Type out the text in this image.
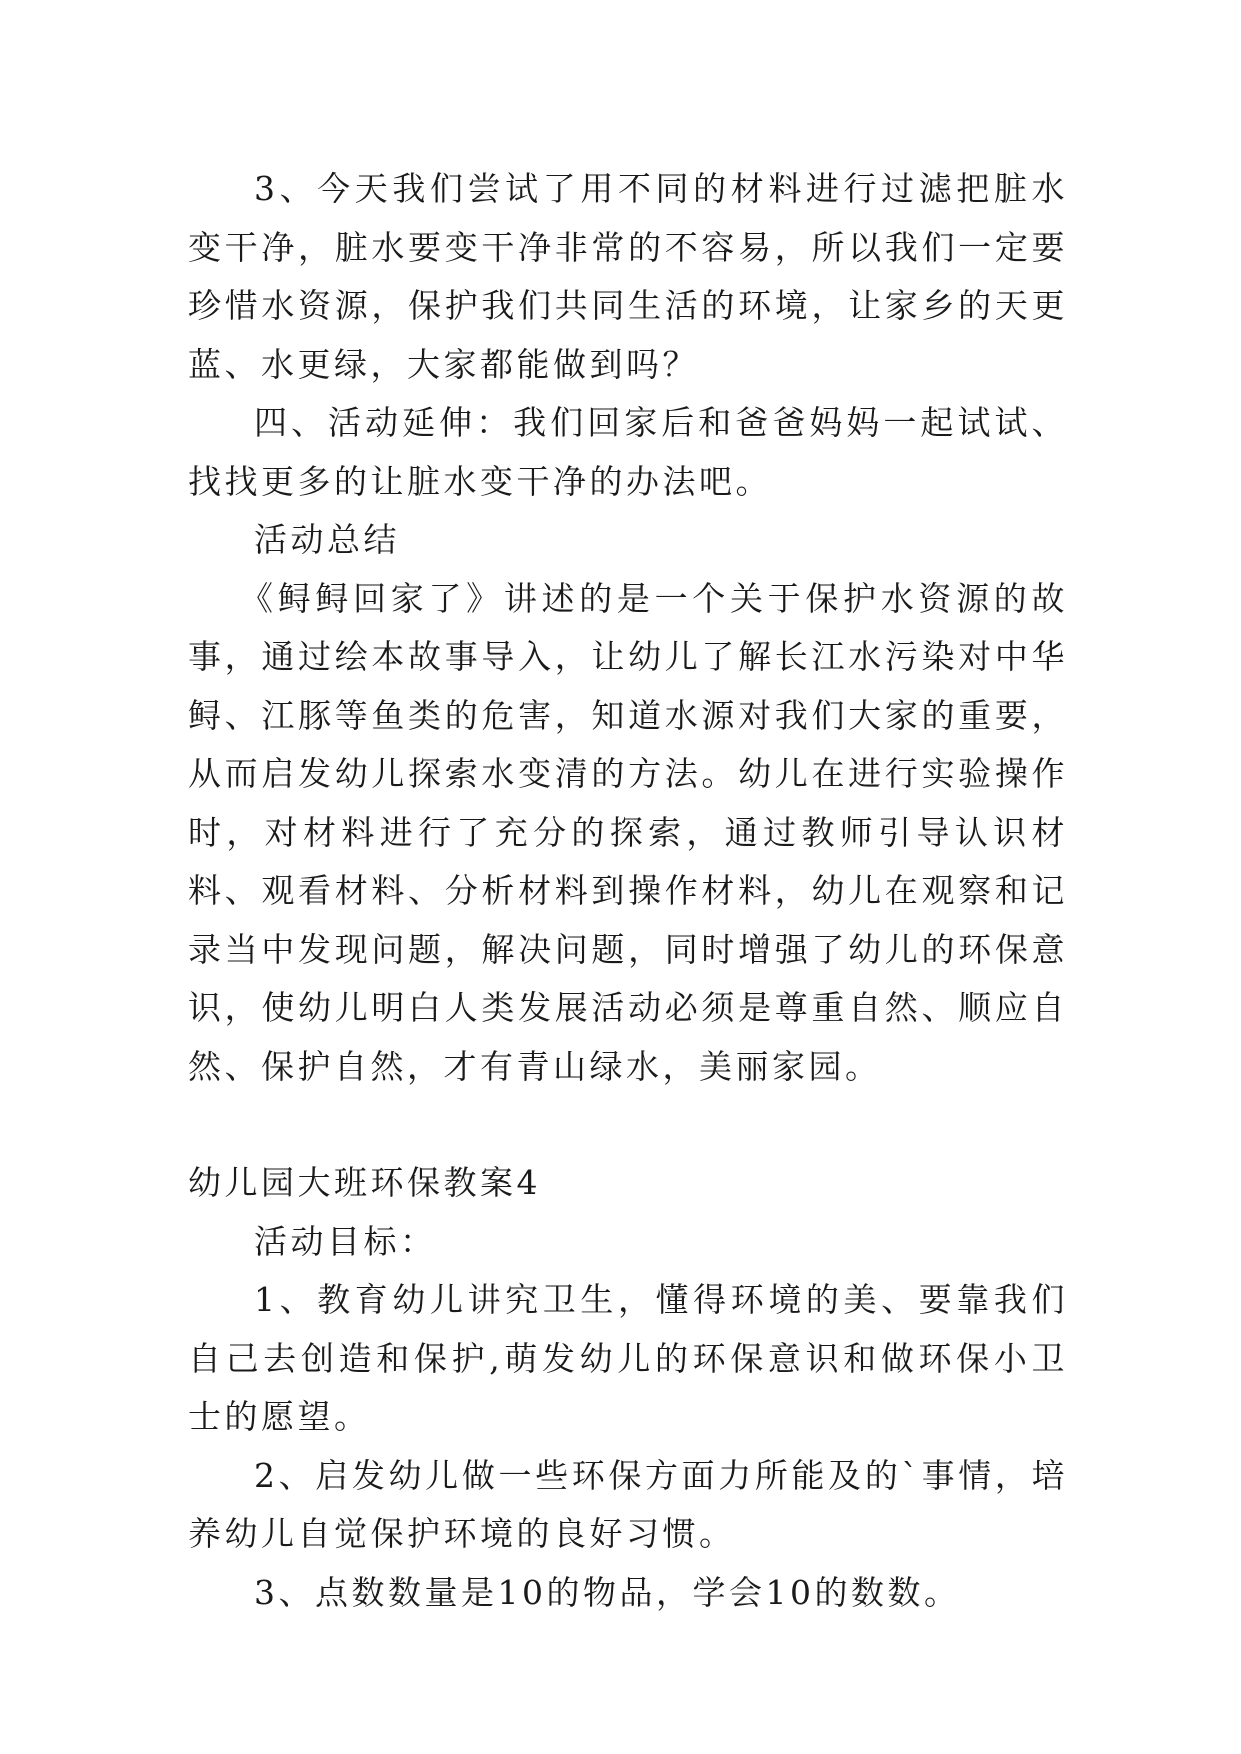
3、今天我们尝试了用不同的材料进行过滤把脏水变干净，脏水要变干净非常的不容易，所以我们一定要珍惜水资源，保护我们共同生活的环境，让家乡的天更蓝、水更绿，大家都能做到吗？

四、活动延伸：我们回家后和爸爸妈妈一起试试、找找更多的让脏水变干净的办法吧。

活动总结

《鲟鲟回家了》讲述的是一个关于保护水资源的故事，通过绘本故事导入，让幼儿了解长江水污染对中华鲟、江豚等鱼类的危害，知道水源对我们大家的重要，从而启发幼儿探索水变清的方法。幼儿在进行实验操作时，对材料进行了充分的探索，通过教师引导认识材料、观看材料、分析材料到操作材料，幼儿在观察和记录当中发现问题，解决问题，同时增强了幼儿的环保意识，使幼儿明白人类发展活动必须是尊重自然、顺应自然、保护自然，才有青山绿水，美丽家园。

幼儿园大班环保教案4

活动目标：

1、教育幼儿讲究卫生，懂得环境的美、要靠我们自己去创造和保护,萌发幼儿的环保意识和做环保小卫士的愿望。

2、启发幼儿做一些环保方面力所能及的`事情，培养幼儿自觉保护环境的良好习惯。

3、点数数量是10的物品，学会10的数数。
